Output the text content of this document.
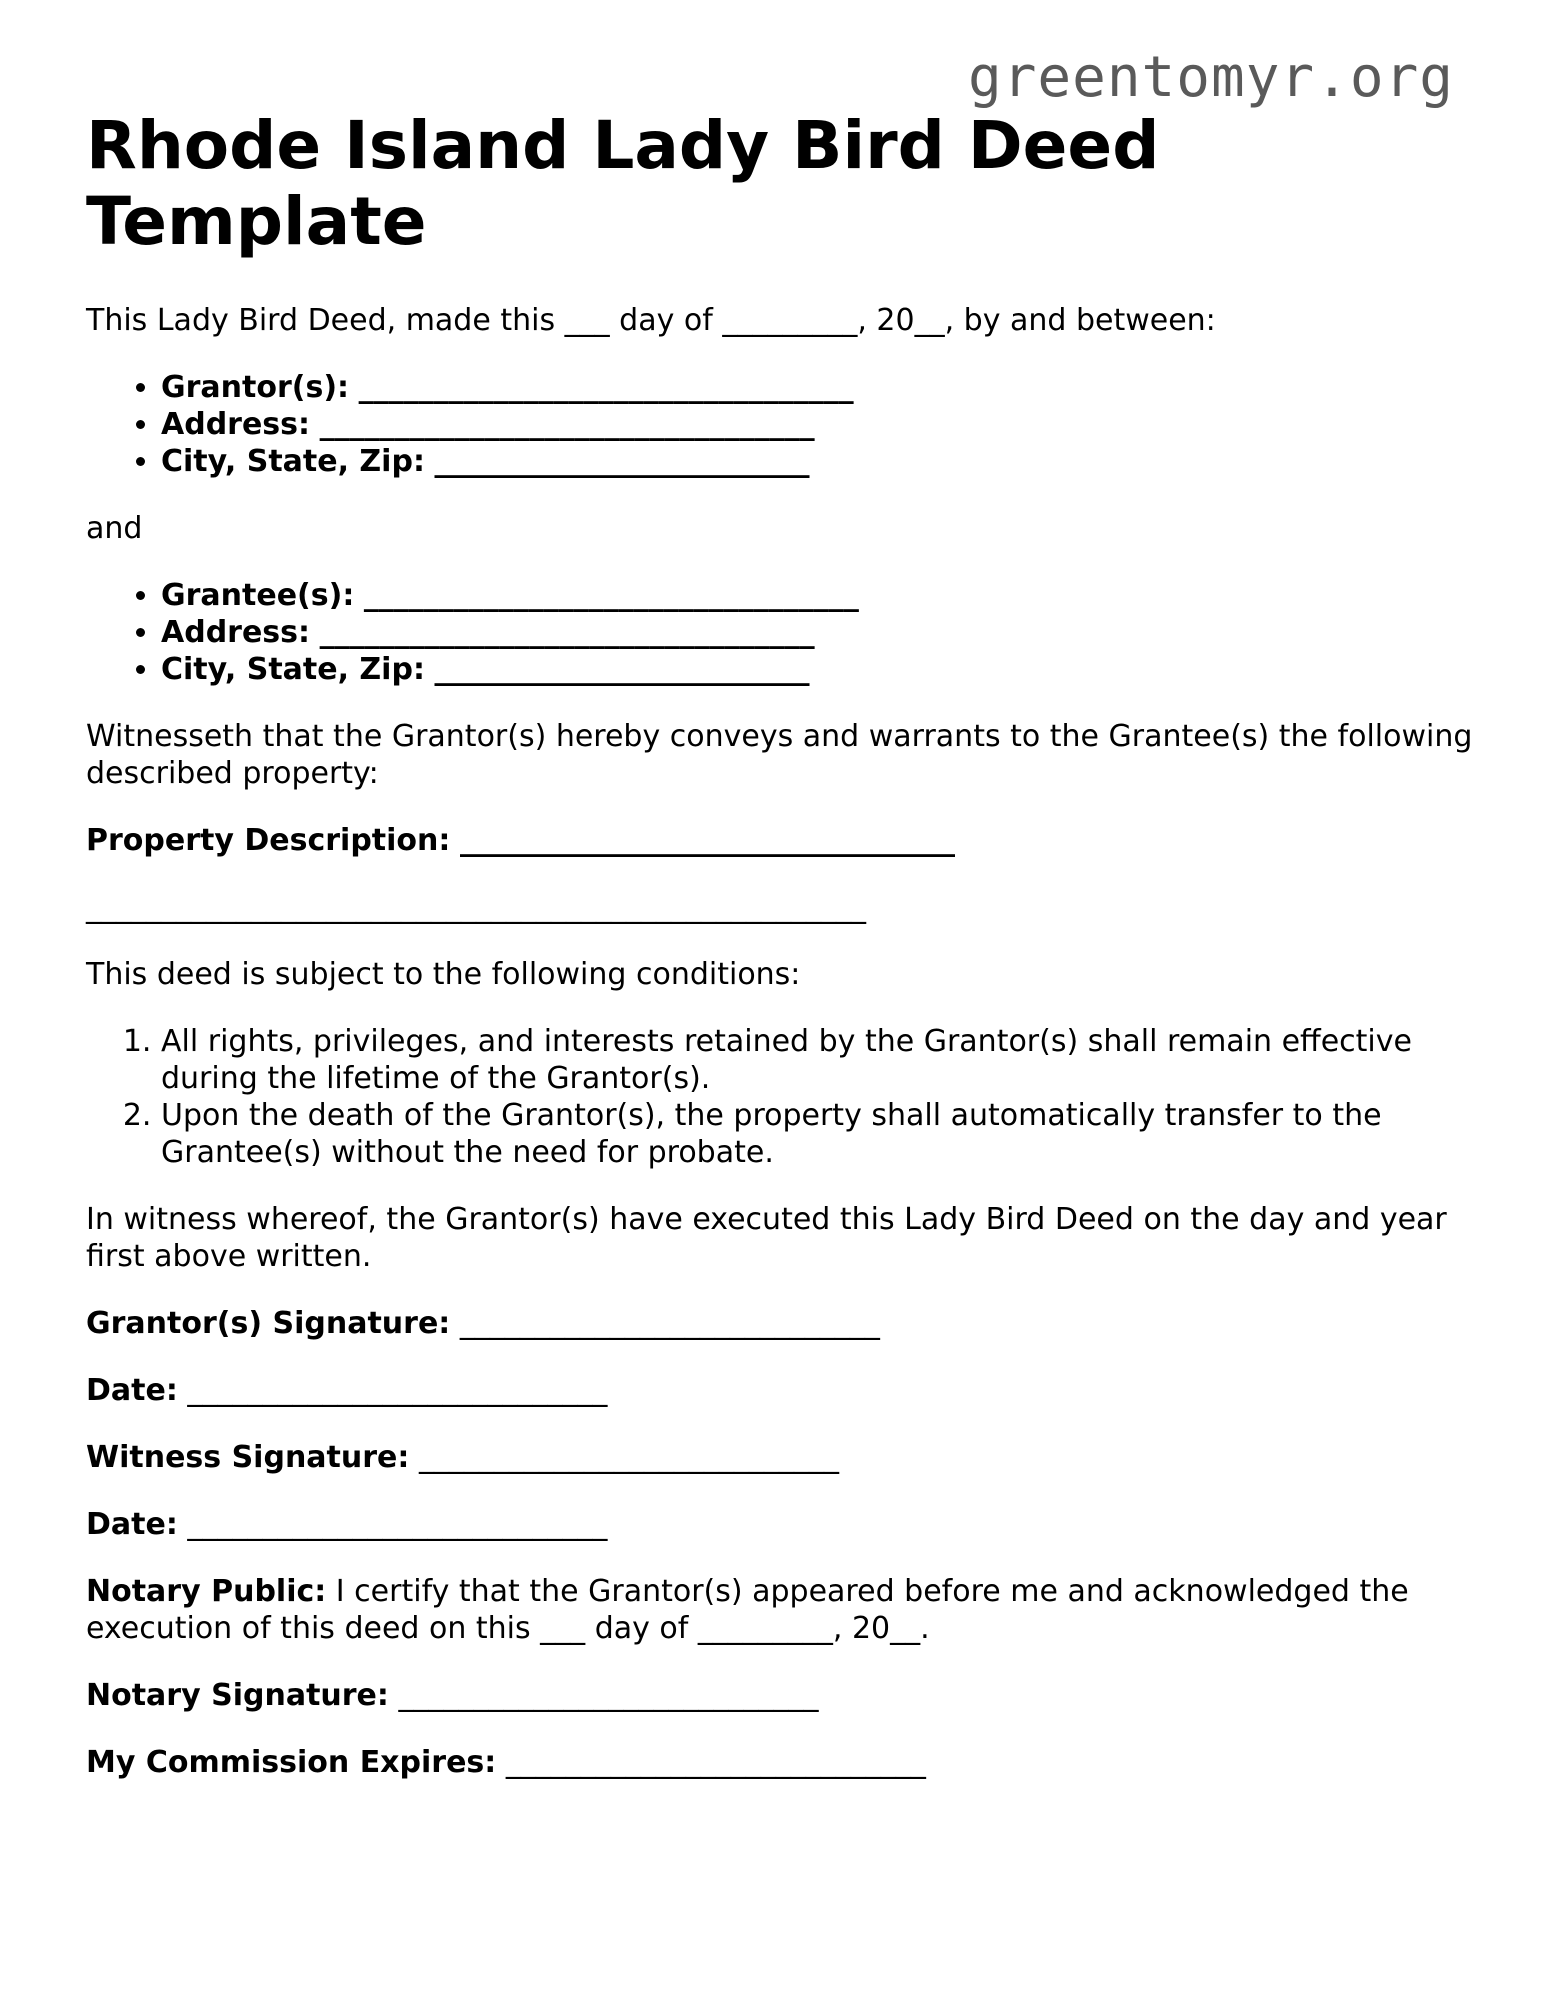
greentomyr.org
Rhode Island Lady Bird Deed Template

This Lady Bird Deed, made this ___ day of _________, 20__, by and between:

• Grantor(s): _________________________________
• Address: _________________________________
• City, State, Zip: _________________________

and

• Grantee(s): _________________________________
• Address: _________________________________
• City, State, Zip: _________________________

Witnesseth that the Grantor(s) hereby conveys and warrants to the Grantee(s) the following described property:

Property Description: _________________________________

____________________________________________________

This deed is subject to the following conditions:

1. All rights, privileges, and interests retained by the Grantor(s) shall remain effective during the lifetime of the Grantor(s).
2. Upon the death of the Grantor(s), the property shall automatically transfer to the Grantee(s) without the need for probate.

In witness whereof, the Grantor(s) have executed this Lady Bird Deed on the day and year first above written.

Grantor(s) Signature: ____________________________

Date: ____________________________

Witness Signature: ____________________________

Date: ____________________________

Notary Public: I certify that the Grantor(s) appeared before me and acknowledged the execution of this deed on this ___ day of _________, 20__.

Notary Signature: ____________________________

My Commission Expires: ____________________________
